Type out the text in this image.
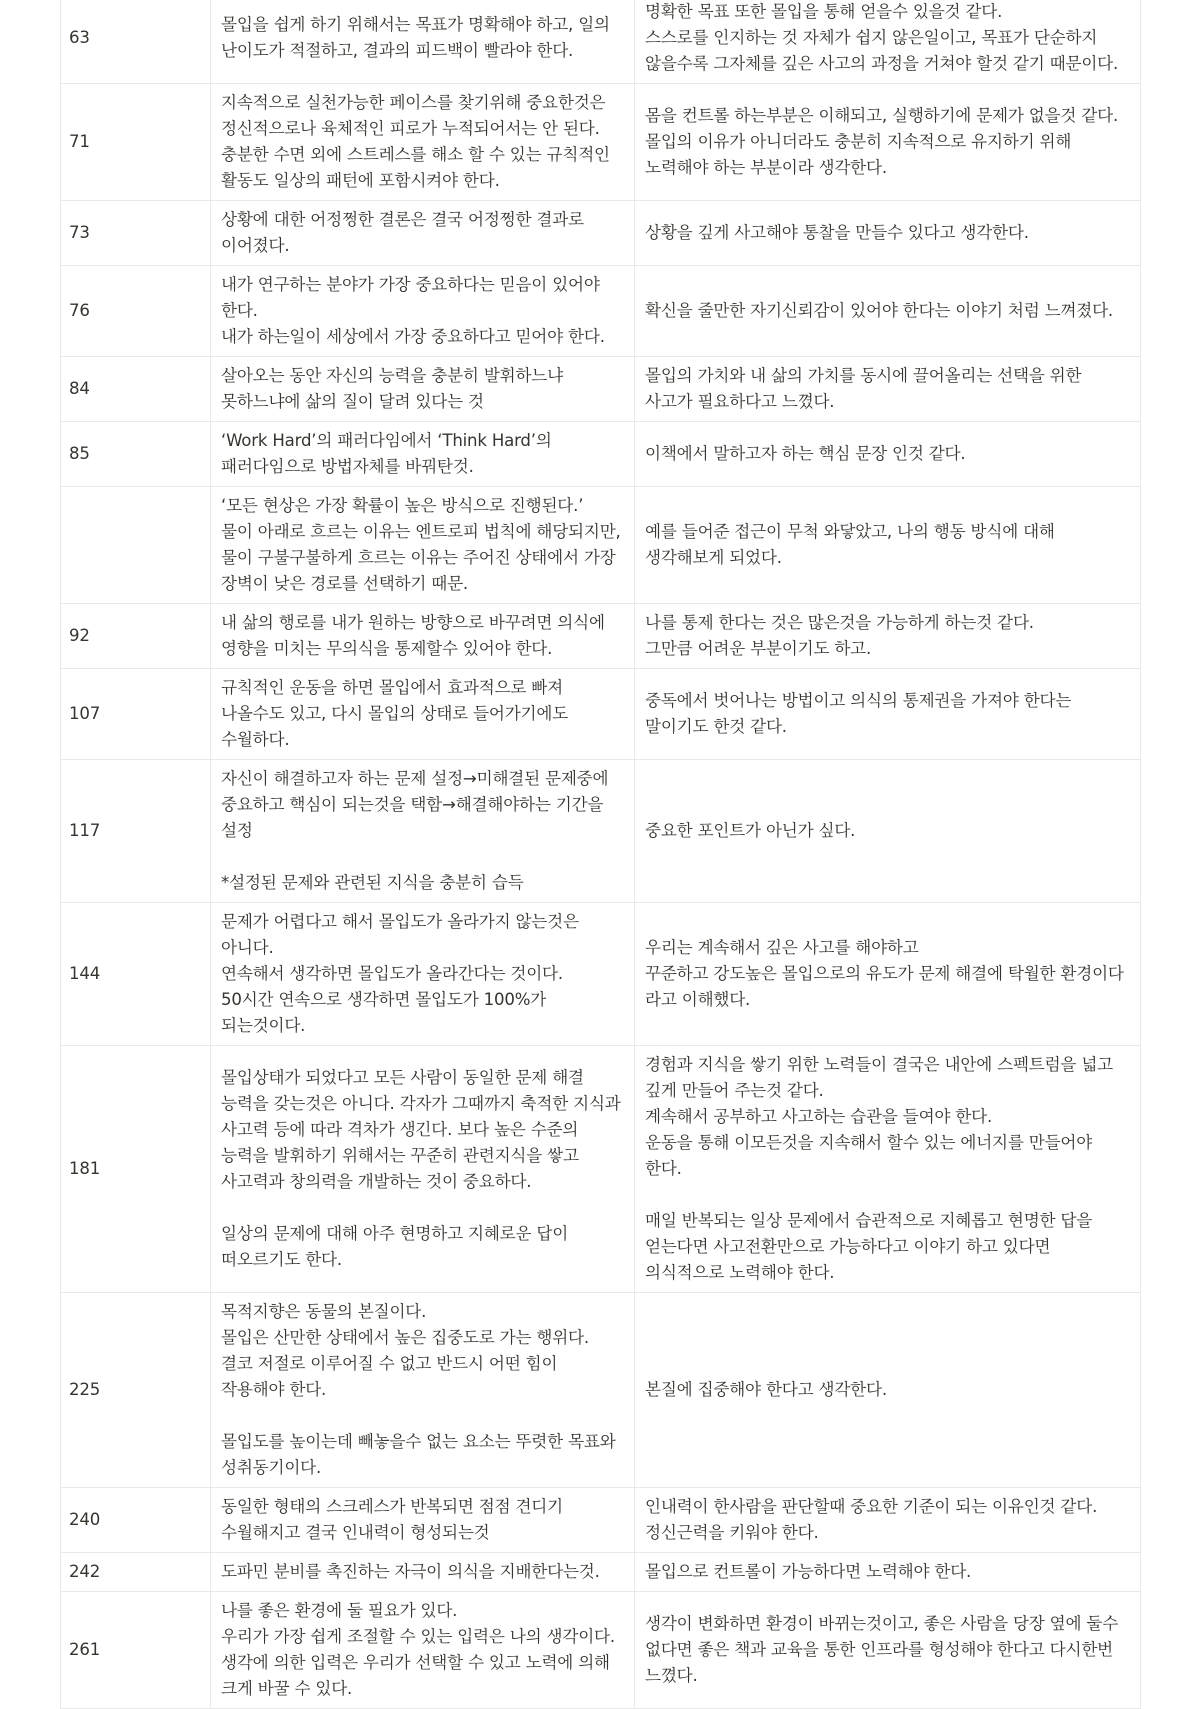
63	몰입을 쉽게 하기 위해서는 목표가 명확해야 하고, 일의 난이도가 적절하고, 결과의 피드백이 빨라야 한다.	명확한 목표 또한 몰입을 통해 얻을수 있을것 같다.
스스로를 인지하는 것 자체가 쉽지 않은일이고, 목표가 단순하지 않을수록 그자체를 깊은 사고의 과정을 거쳐야 할것 같기 때문이다.
71	지속적으로 실천가능한 페이스를 찾기위해 중요한것은 정신적으로나 육체적인 피로가 누적되어서는 안 된다.
충분한 수면 외에 스트레스를 해소 할 수 있는 규칙적인 활동도 일상의 패턴에 포함시켜야 한다.	몸을 컨트롤 하는부분은 이해되고, 실행하기에 문제가 없을것 같다.
몰입의 이유가 아니더라도 충분히 지속적으로 유지하기 위해 노력해야 하는 부분이라 생각한다.
73	상황에 대한 어정쩡한 결론은 결국 어정쩡한 결과로 이어졌다.	상황을 깊게 사고해야 통찰을 만들수 있다고 생각한다.
76	내가 연구하는 분야가 가장 중요하다는 믿음이 있어야 한다.
내가 하는일이 세상에서 가장 중요하다고 믿어야 한다.	확신을 줄만한 자기신뢰감이 있어야 한다는 이야기 처럼 느껴졌다.
84	살아오는 동안 자신의 능력을 충분히 발휘하느냐 못하느냐에 삶의 질이 달려 있다는 것	몰입의 가치와 내 삶의 가치를 동시에 끌어올리는 선택을 위한 사고가 필요하다고 느꼈다.
85	‘Work Hard’의 패러다임에서 ‘Think Hard’의 패러다임으로 방법자체를 바꿔탄것.	이책에서 말하고자 하는 핵심 문장 인것 같다.
	‘모든 현상은 가장 확률이 높은 방식으로 진행된다.’
물이 아래로 흐르는 이유는 엔트로피 법칙에 해당되지만, 물이 구불구불하게 흐르는 이유는 주어진 상태에서 가장 장벽이 낮은 경로를 선택하기 때문.	예를 들어준 접근이 무척 와닿았고, 나의 행동 방식에 대해 생각해보게 되었다.
92	내 삶의 행로를 내가 원하는 방향으로 바꾸려면 의식에 영향을 미치는 무의식을 통제할수 있어야 한다.	나를 통제 한다는 것은 많은것을 가능하게 하는것 같다.
그만큼 어려운 부분이기도 하고.
107	규칙적인 운동을 하면 몰입에서 효과적으로 빠져 나올수도 있고, 다시 몰입의 상태로 들어가기에도 수월하다.	중독에서 벗어나는 방법이고 의식의 통제권을 가져야 한다는 말이기도 한것 같다.
117	자신이 해결하고자 하는 문제 설정→미해결된 문제중에 중요하고 핵심이 되는것을 택함→해결해야하는 기간을 설정

*설정된 문제와 관련된 지식을 충분히 습득	중요한 포인트가 아닌가 싶다.
144	문제가 어렵다고 해서 몰입도가 올라가지 않는것은 아니다.
연속해서 생각하면 몰입도가 올라간다는 것이다.
50시간 연속으로 생각하면 몰입도가 100%가 되는것이다.	우리는 계속해서 깊은 사고를 해야하고
꾸준하고 강도높은 몰입으로의 유도가 문제 해결에 탁월한 환경이다 라고 이해했다.
181	몰입상태가 되었다고 모든 사람이 동일한 문제 해결 능력을 갖는것은 아니다. 각자가 그때까지 축적한 지식과 사고력 등에 따라 격차가 생긴다. 보다 높은 수준의 능력을 발휘하기 위해서는 꾸준히 관련지식을 쌓고 사고력과 창의력을 개발하는 것이 중요하다.

일상의 문제에 대해 아주 현명하고 지혜로운 답이 떠오르기도 한다.	경험과 지식을 쌓기 위한 노력들이 결국은 내안에 스펙트럼을 넓고 깊게 만들어 주는것 같다.
계속해서 공부하고 사고하는 습관을 들여야 한다.
운동을 통해 이모든것을 지속해서 할수 있는 에너지를 만들어야 한다.

매일 반복되는 일상 문제에서 습관적으로 지혜롭고 현명한 답을 얻는다면 사고전환만으로 가능하다고 이야기 하고 있다면 의식적으로 노력해야 한다.
225	목적지향은 동물의 본질이다.
몰입은 산만한 상태에서 높은 집중도로 가는 행위다. 결코 저절로 이루어질 수 없고 반드시 어떤 힘이 작용해야 한다.

몰입도를 높이는데 빼놓을수 없는 요소는 뚜렷한 목표와 성취동기이다.	본질에 집중해야 한다고 생각한다.
240	동일한 형태의 스크레스가 반복되면 점점 견디기 수월해지고 결국 인내력이 형성되는것	인내력이 한사람을 판단할때 중요한 기준이 되는 이유인것 같다.
정신근력을 키워야 한다.
242	도파민 분비를 촉진하는 자극이 의식을 지배한다는것.	몰입으로 컨트롤이 가능하다면 노력해야 한다.
261	나를 좋은 환경에 둘 필요가 있다.
우리가 가장 쉽게 조절할 수 있는 입력은 나의 생각이다.
생각에 의한 입력은 우리가 선택할 수 있고 노력에 의해 크게 바꿀 수 있다.	생각이 변화하면 환경이 바뀌는것이고, 좋은 사람을 당장 옆에 둘수 없다면 좋은 책과 교육을 통한 인프라를 형성해야 한다고 다시한번 느꼈다.
